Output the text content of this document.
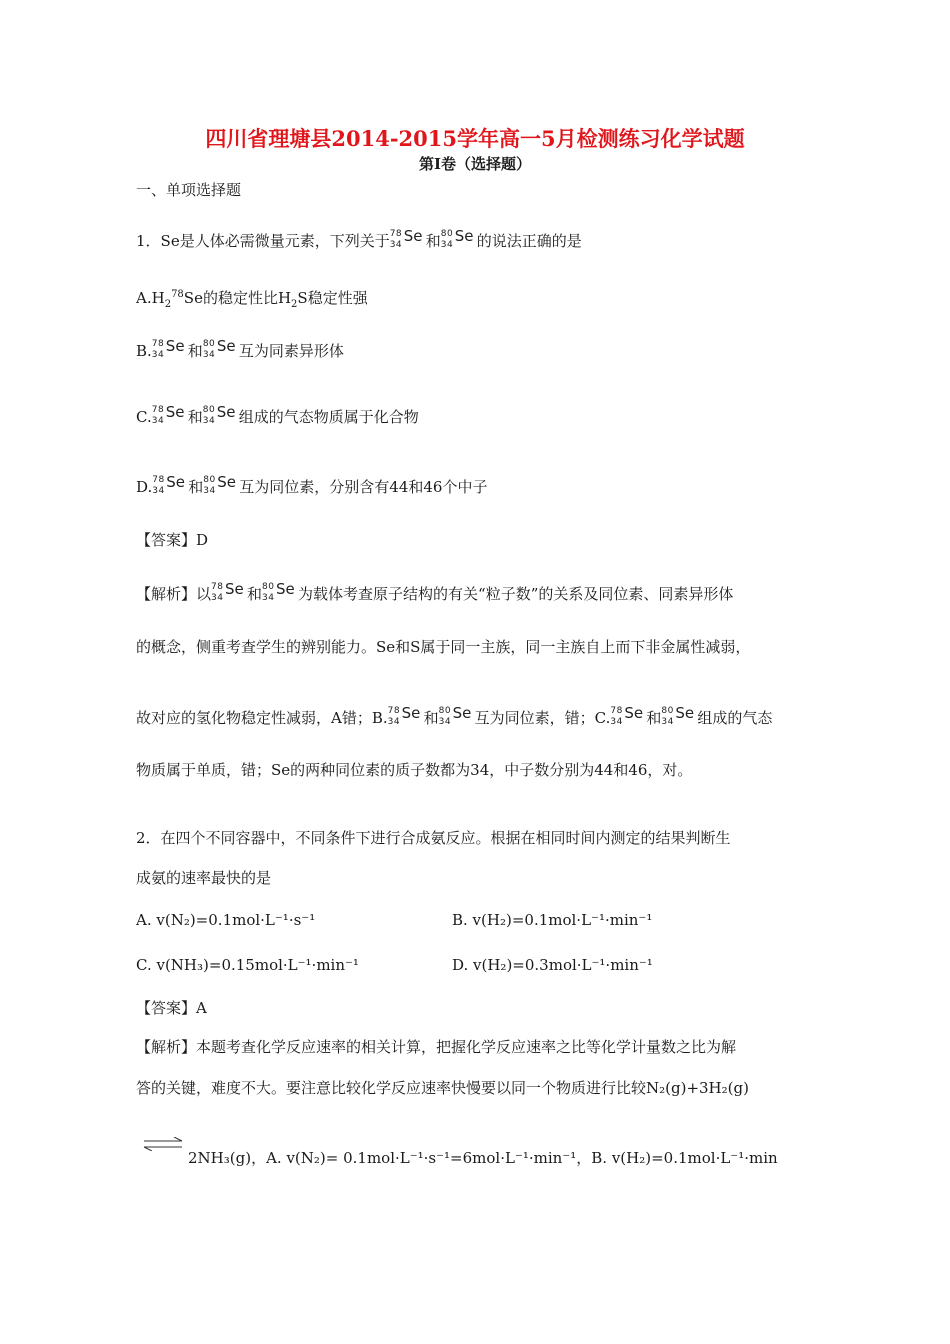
四川省理塘县2014-2015学年高一5月检测练习化学试题
第Ⅰ卷（选择题）
一、单项选择题
1．Se是人体必需微量元素，下列关于 78
34 Se 和 80
34 Se 的说法正确的是
$A.H_2^{78}Se$的稳定性比$H_2S$稳定性强
B. 78
34 Se 和 80
34 Se 互为同素异形体
C. 78
34 Se 和 80
34 Se 组成的气态物质属于化合物
D. 78
34 Se 和 80
34 Se 互为同位素，分别含有44和46个中子
【答案】D
【解析】以 78
34 Se 和 80
34 Se 为载体考查原子结构的有关“粒子数”的关系及同位素、同素异形体
的概念，侧重考查学生的辨别能力。Se和S属于同一主族，同一主族自上而下非金属性减弱，
故对应的氢化物稳定性减弱，A错；B. 78
34 Se 和 80
34 Se 互为同位素，错；C. 78
34 Se 和 80
34 Se 组成的气态
物质属于单质，错；Se的两种同位素的质子数都为34，中子数分别为44和46，对。
2．在四个不同容器中，不同条件下进行合成氨反应。根据在相同时间内测定的结果判断生
成氨的速率最快的是
A. v(N₂)=0.1mol·L⁻¹·s⁻¹	B. v(H₂)=0.1mol·L⁻¹·min⁻¹
C. v(NH₃)=0.15mol·L⁻¹·min⁻¹	D. v(H₂)=0.3mol·L⁻¹·min⁻¹
【答案】A
【解析】本题考查化学反应速率的相关计算，把握化学反应速率之比等化学计量数之比为解
答的关键，难度不大。要注意比较化学反应速率快慢要以同一个物质进行比较N₂(g)+3H₂(g)
2NH₃(g)，A. v(N₂)= 0.1mol·L⁻¹·s⁻¹=6mol·L⁻¹·min⁻¹，B. v(H₂)=0.1mol·L⁻¹·min
